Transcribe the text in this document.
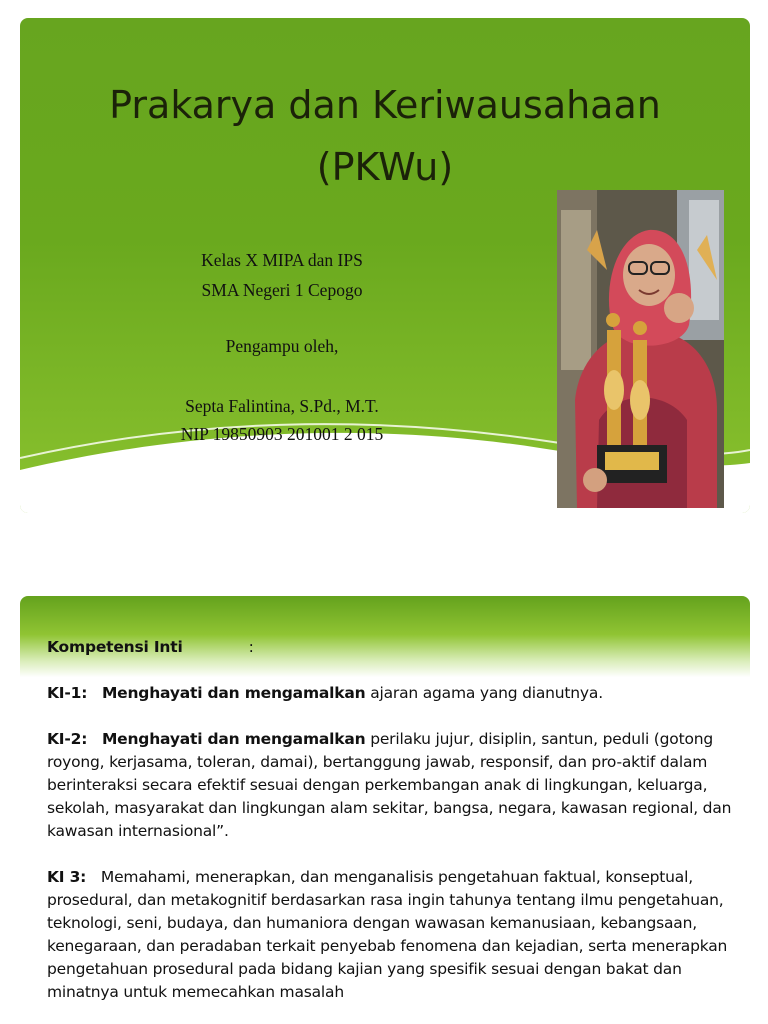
Prakarya dan Keriwausahaan
(PKWu)
Kelas X MIPA dan IPS
SMA Negeri 1 Cepogo
Pengampu oleh,
Septa Falintina, S.Pd., M.T.
NIP 19850903 201001 2 015

Kompetensi Inti	:

KI-1: Menghayati dan mengamalkan ajaran agama yang dianutnya.

KI-2: Menghayati dan mengamalkan perilaku jujur, disiplin, santun, peduli (gotong royong, kerjasama, toleran, damai), bertanggung jawab, responsif, dan pro-aktif dalam berinteraksi secara efektif sesuai dengan perkembangan anak di lingkungan, keluarga, sekolah, masyarakat dan lingkungan alam sekitar, bangsa, negara, kawasan regional, dan kawasan internasional”.

KI 3: Memahami, menerapkan, dan menganalisis pengetahuan faktual, konseptual, prosedural, dan metakognitif berdasarkan rasa ingin tahunya tentang ilmu pengetahuan, teknologi, seni, budaya, dan humaniora dengan wawasan kemanusiaan, kebangsaan, kenegaraan, dan peradaban terkait penyebab fenomena dan kejadian, serta menerapkan pengetahuan prosedural pada bidang kajian yang spesifik sesuai dengan bakat dan minatnya untuk memecahkan masalah
